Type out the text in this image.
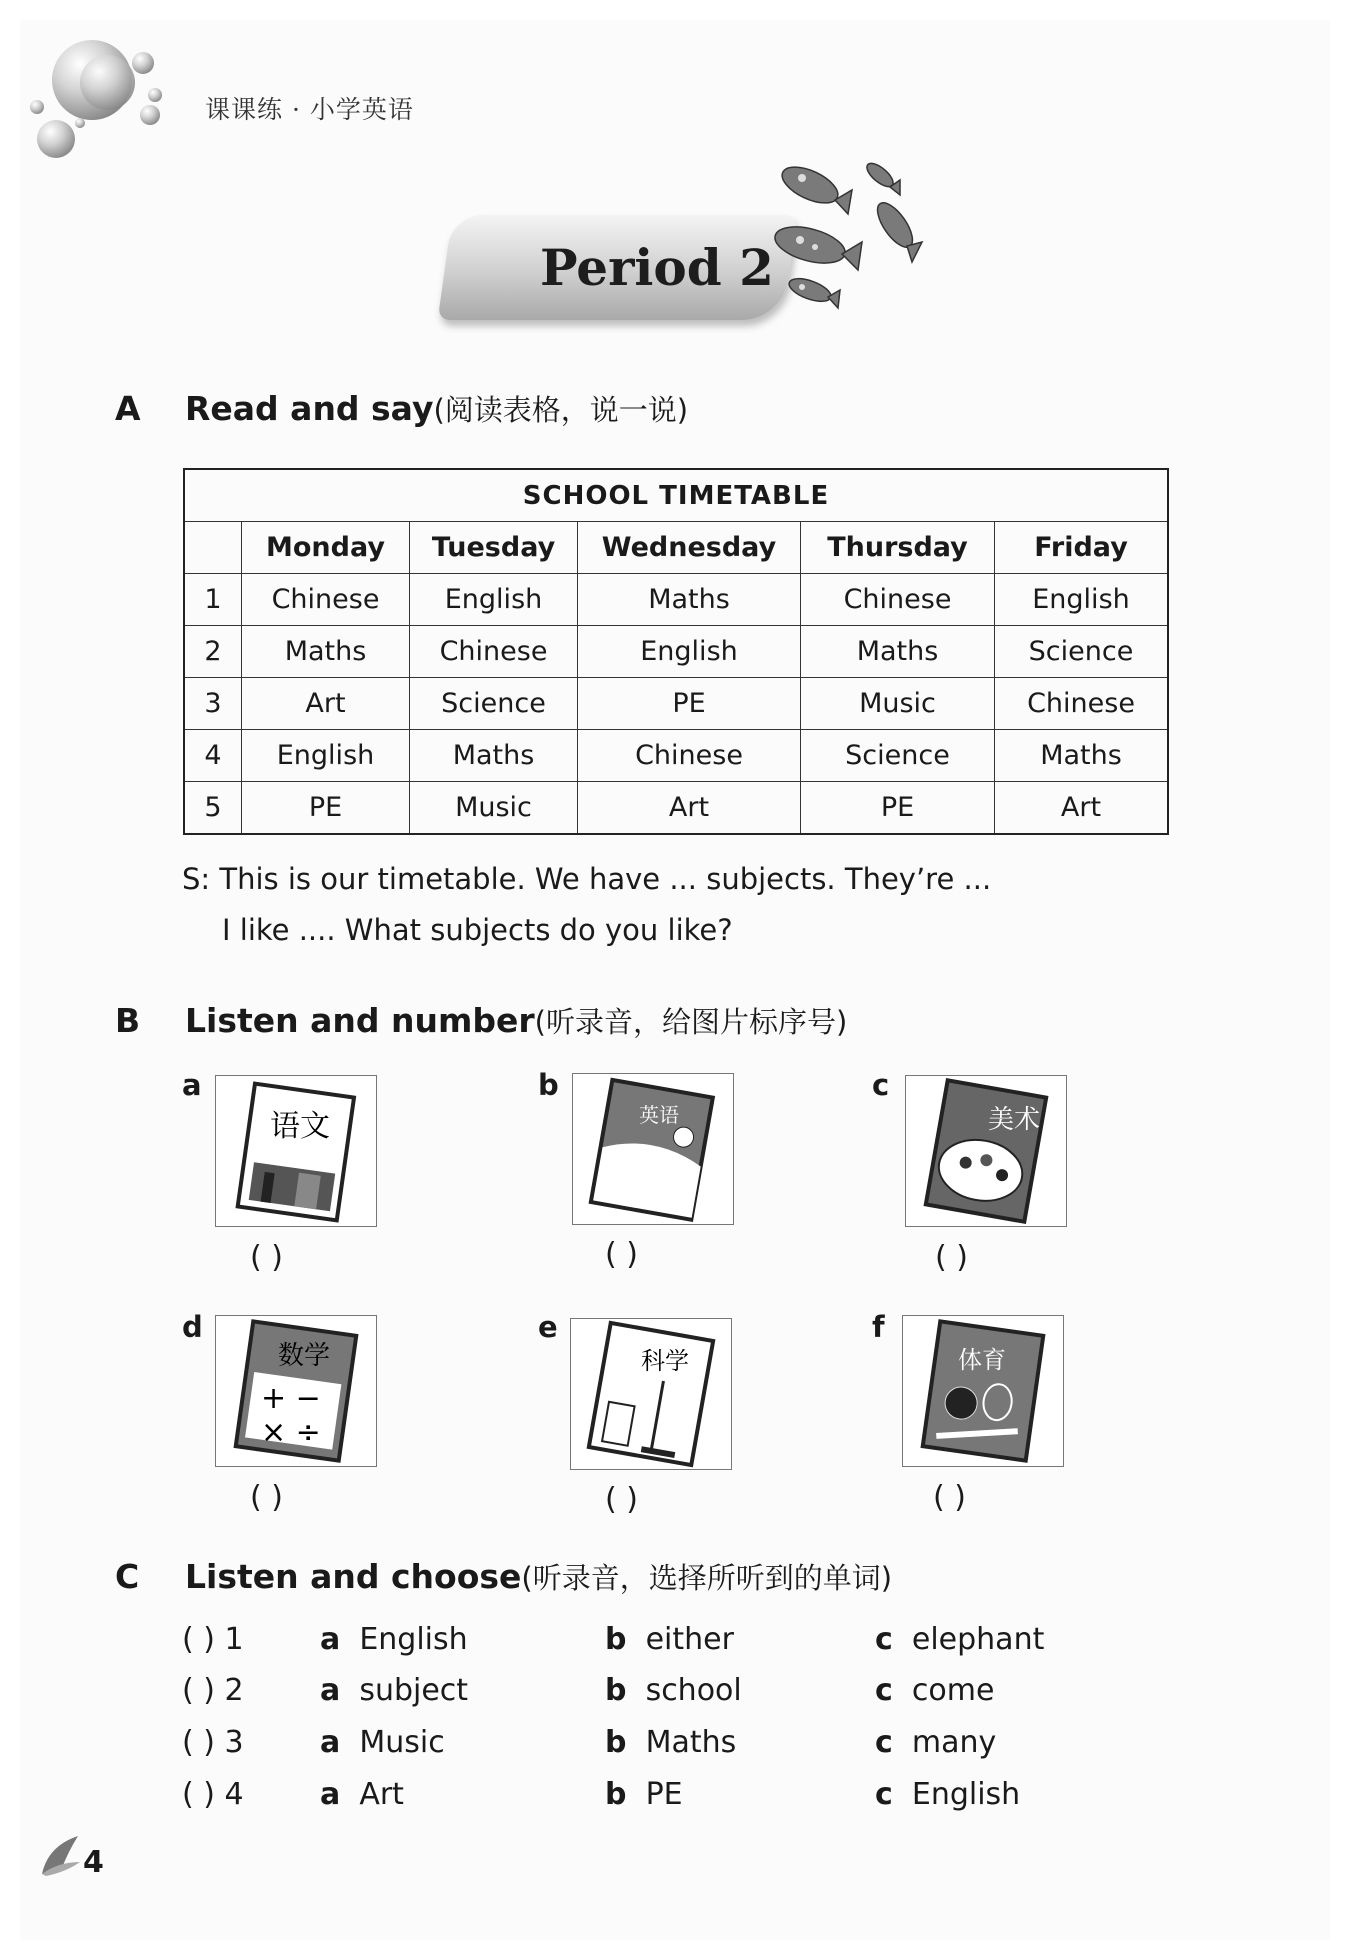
课课练 · 小学英语
Period 2
A Read and say(阅读表格，说一说)
SCHOOL TIMETABLE					
	Monday	Tuesday	Wednesday	Thursday	Friday
1	Chinese	English	Maths	Chinese	English
2	Maths	Chinese	English	Maths	Science
3	Art	Science	PE	Music	Chinese
4	English	Maths	Chinese	Science	Maths
5	PE	Music	Art	PE	Art
S: This is our timetable. We have ... subjects. They’re ...
I like .... What subjects do you like?
B Listen and number(听录音，给图片标序号)
a
语文
( )
b
英语
( )
c
美术
( )
d
数学
+ −
× ÷
( )
e
科学
( )
f
体育
( )
C Listen and choose(听录音，选择所听到的单词)
( ) 1	a English	b either	c elephant
( ) 2	a subject	b school	c come
( ) 3	a Music	b Maths	c many
( ) 4	a Art	b PE	c English
4
